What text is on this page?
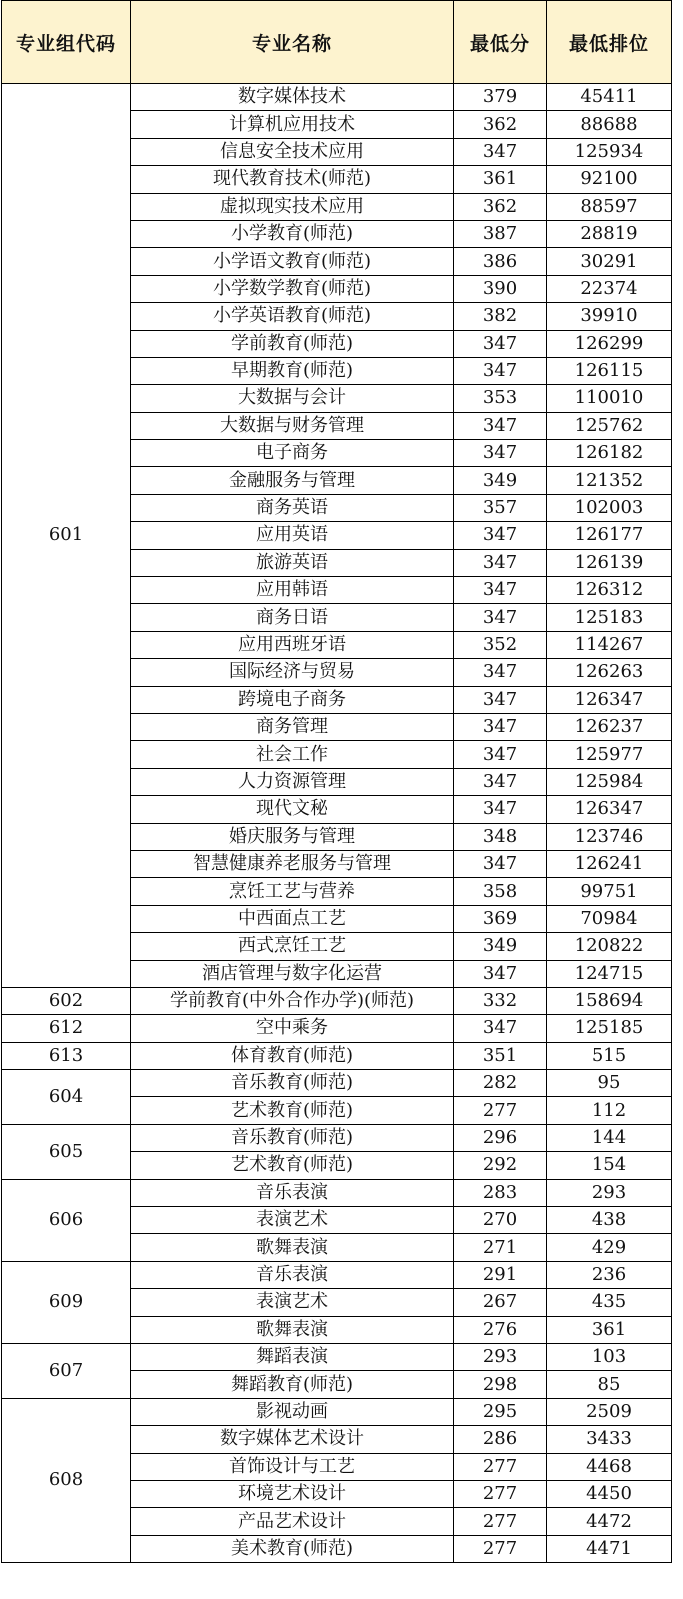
专业组代码	专业名称	最低分	最低排位
601	数字媒体技术	379	45411
	计算机应用技术	362	88688
	信息安全技术应用	347	125934
	现代教育技术(师范)	361	92100
	虚拟现实技术应用	362	88597
	小学教育(师范)	387	28819
	小学语文教育(师范)	386	30291
	小学数学教育(师范)	390	22374
	小学英语教育(师范)	382	39910
	学前教育(师范)	347	126299
	早期教育(师范)	347	126115
	大数据与会计	353	110010
	大数据与财务管理	347	125762
	电子商务	347	126182
	金融服务与管理	349	121352
	商务英语	357	102003
	应用英语	347	126177
	旅游英语	347	126139
	应用韩语	347	126312
	商务日语	347	125183
	应用西班牙语	352	114267
	国际经济与贸易	347	126263
	跨境电子商务	347	126347
	商务管理	347	126237
	社会工作	347	125977
	人力资源管理	347	125984
	现代文秘	347	126347
	婚庆服务与管理	348	123746
	智慧健康养老服务与管理	347	126241
	烹饪工艺与营养	358	99751
	中西面点工艺	369	70984
	西式烹饪工艺	349	120822
	酒店管理与数字化运营	347	124715
602	学前教育(中外合作办学)(师范)	332	158694
612	空中乘务	347	125185
613	体育教育(师范)	351	515
604	音乐教育(师范)	282	95
	艺术教育(师范)	277	112
605	音乐教育(师范)	296	144
	艺术教育(师范)	292	154
606	音乐表演	283	293
	表演艺术	270	438
	歌舞表演	271	429
609	音乐表演	291	236
	表演艺术	267	435
	歌舞表演	276	361
607	舞蹈表演	293	103
	舞蹈教育(师范)	298	85
608	影视动画	295	2509
	数字媒体艺术设计	286	3433
	首饰设计与工艺	277	4468
	环境艺术设计	277	4450
	产品艺术设计	277	4472
	美术教育(师范)	277	4471
